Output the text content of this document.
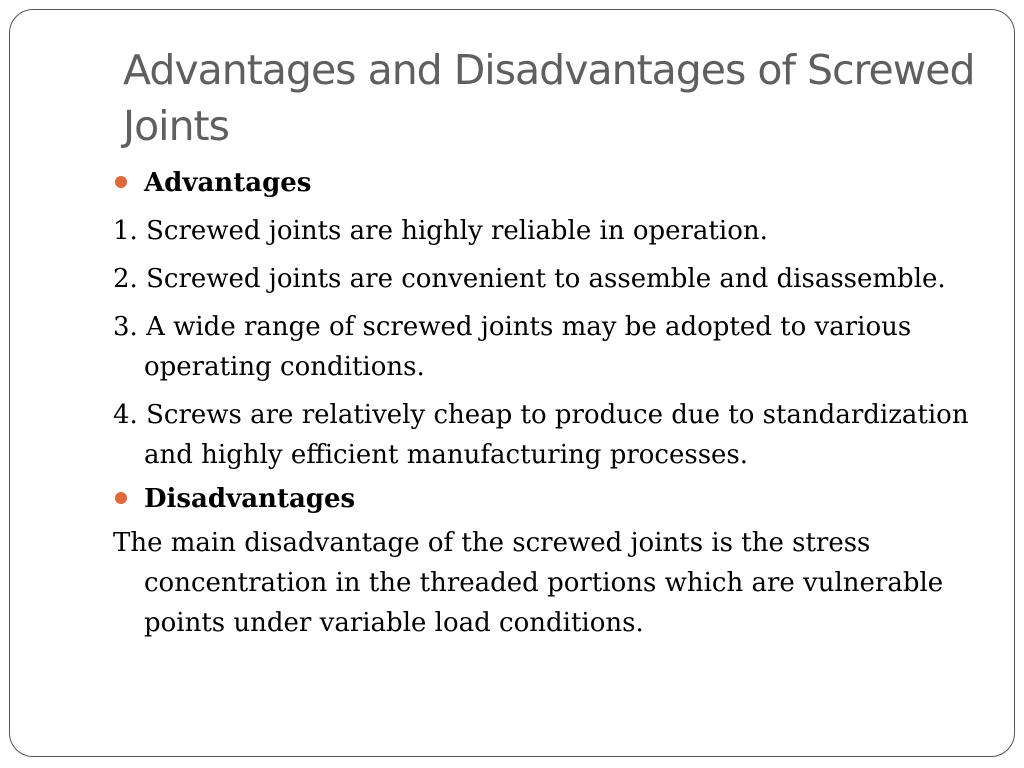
Advantages and Disadvantages of Screwed Joints
Advantages
1. Screwed joints are highly reliable in operation.
2. Screwed joints are convenient to assemble and disassemble.
3. A wide range of screwed joints may be adopted to various operating conditions.
4. Screws are relatively cheap to produce due to standardization and highly efficient manufacturing processes.
Disadvantages
The main disadvantage of the screwed joints is the stress concentration in the threaded portions which are vulnerable points under variable load conditions.
